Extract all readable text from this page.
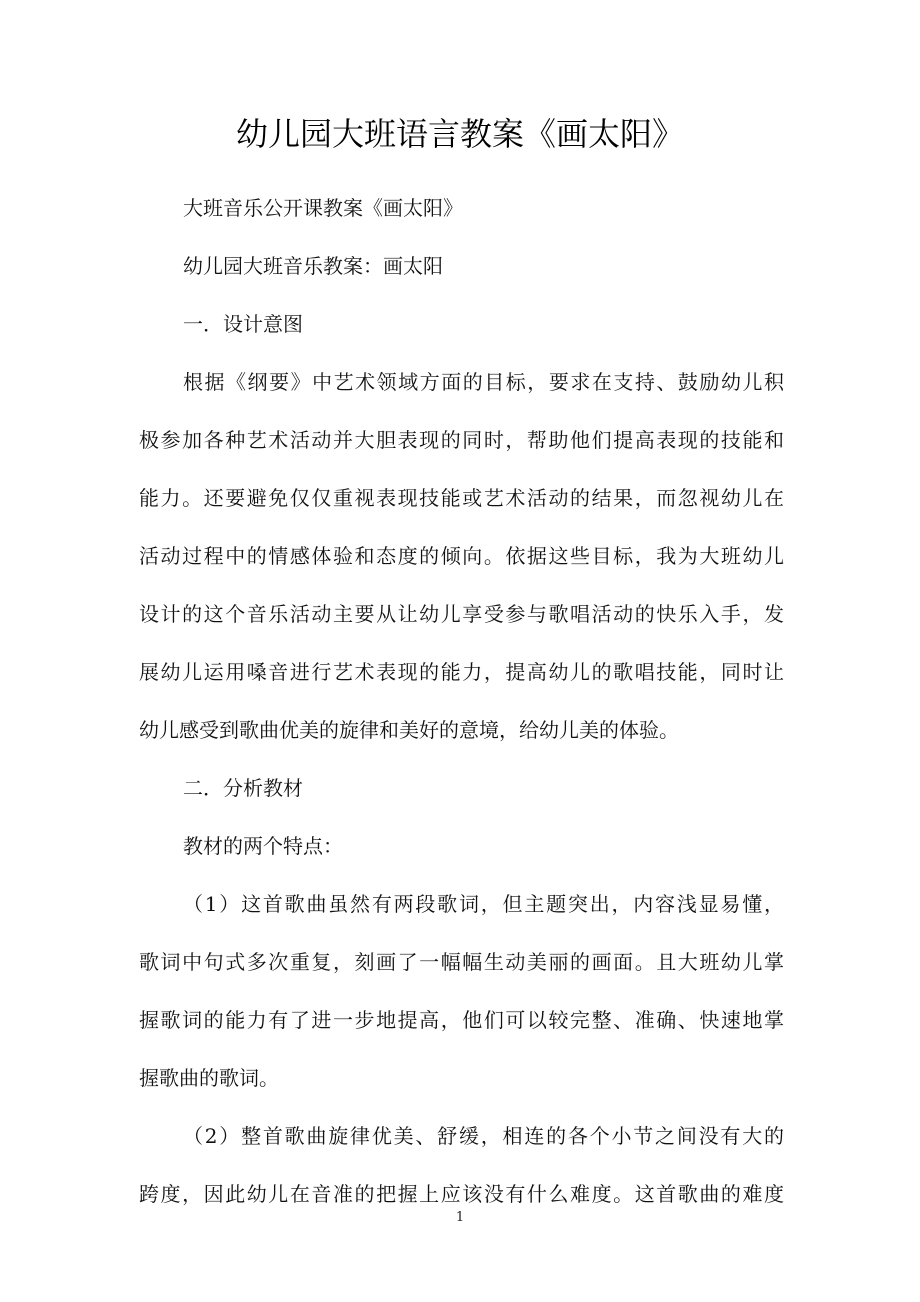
幼儿园大班语言教案《画太阳》
大班音乐公开课教案《画太阳》
幼儿园大班音乐教案：画太阳
一．设计意图
根据《纲要》中艺术领域方面的目标，要求在支持、鼓励幼儿积
极参加各种艺术活动并大胆表现的同时，帮助他们提高表现的技能和
能力。还要避免仅仅重视表现技能或艺术活动的结果，而忽视幼儿在
活动过程中的情感体验和态度的倾向。依据这些目标，我为大班幼儿
设计的这个音乐活动主要从让幼儿享受参与歌唱活动的快乐入手，发
展幼儿运用嗓音进行艺术表现的能力，提高幼儿的歌唱技能，同时让
幼儿感受到歌曲优美的旋律和美好的意境，给幼儿美的体验。
二．分析教材
教材的两个特点：
（1）这首歌曲虽然有两段歌词，但主题突出，内容浅显易懂，
歌词中句式多次重复，刻画了一幅幅生动美丽的画面。且大班幼儿掌
握歌词的能力有了进一步地提高，他们可以较完整、准确、快速地掌
握歌曲的歌词。
（2）整首歌曲旋律优美、舒缓，相连的各个小节之间没有大的
跨度，因此幼儿在音准的把握上应该没有什么难度。这首歌曲的难度
1
